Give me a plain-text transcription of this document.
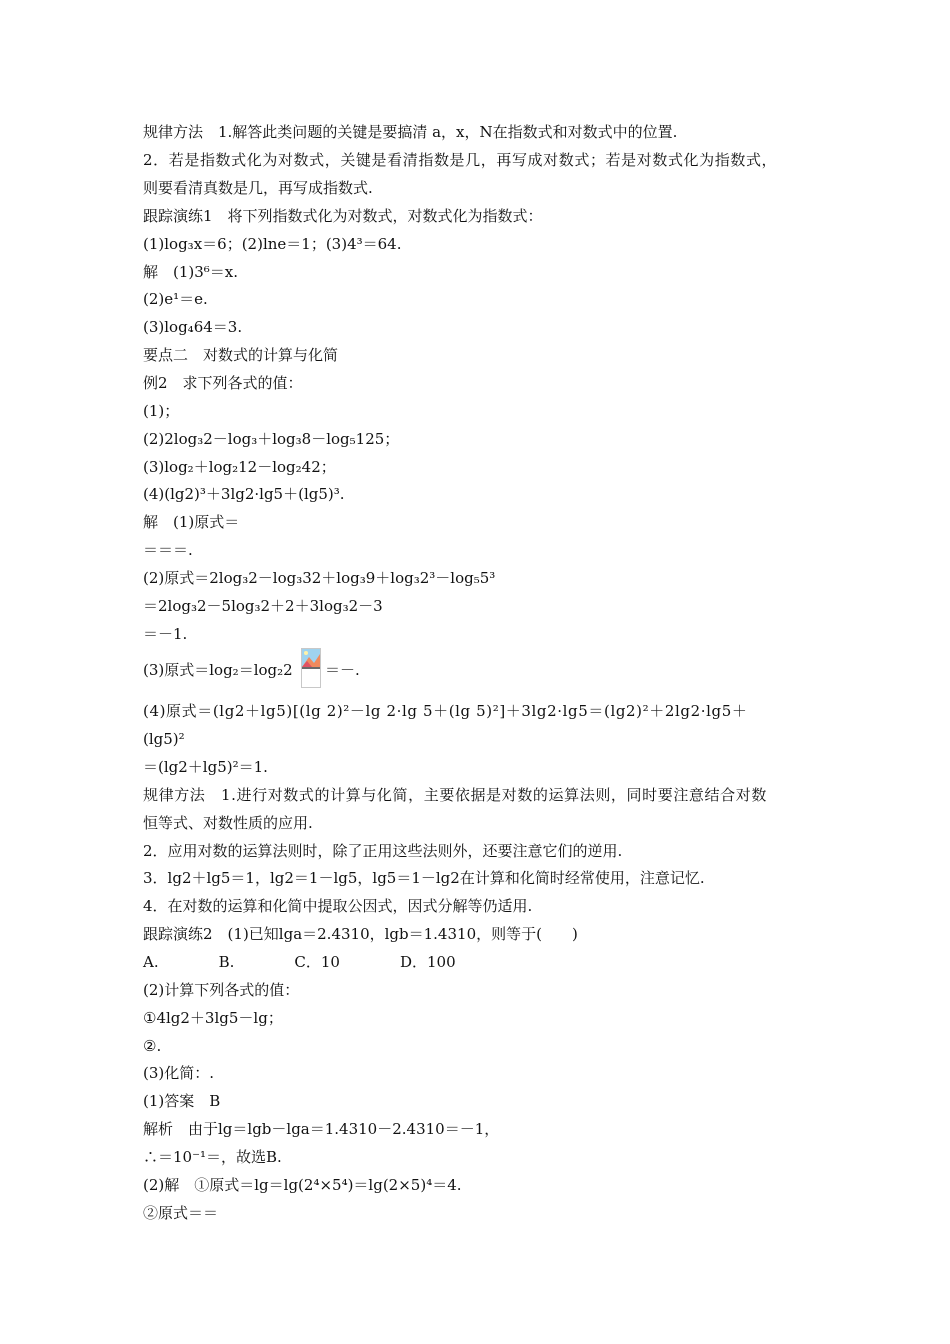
规律方法　1.解答此类问题的关键是要搞清 a，x，N在指数式和对数式中的位置.
2．若是指数式化为对数式，关键是看清指数是几，再写成对数式；若是对数式化为指数式，
则要看清真数是几，再写成指数式.
跟踪演练1　将下列指数式化为对数式，对数式化为指数式：
(1)log₃x＝6；(2)lne＝1；(3)4³＝64.
解　(1)3⁶＝x.
(2)e¹＝e.
(3)log₄64＝3.
要点二　对数式的计算与化简
例2　求下列各式的值：
(1)；
(2)2log₃2－log₃＋log₃8－log₅125；
(3)log₂＋log₂12－log₂42；
(4)(lg2)³＋3lg2·lg5＋(lg5)³.
解　(1)原式＝
＝＝＝.
(2)原式＝2log₃2－log₃32＋log₃9＋log₃2³－log₅5³
＝2log₃2－5log₃2＋2＋3log₃2－3
＝－1.
(3)原式＝log₂＝log₂2 ＝－.
(4)原式＝(lg2＋lg5)[(lg 2)²－lg 2·lg 5＋(lg 5)²]＋3lg2·lg5＝(lg2)²＋2lg2·lg5＋
(lg5)²
＝(lg2＋lg5)²＝1.
规律方法　1.进行对数式的计算与化简，主要依据是对数的运算法则，同时要注意结合对数
恒等式、对数性质的应用.
2．应用对数的运算法则时，除了正用这些法则外，还要注意它们的逆用.
3．lg2＋lg5＝1，lg2＝1－lg5，lg5＝1－lg2在计算和化简时经常使用，注意记忆.
4．在对数的运算和化简中提取公因式，因式分解等仍适用.
跟踪演练2　(1)已知lga＝2.4310，lgb＝1.4310，则等于(　　)
A.　　　　B.　　　　C．10　　　　D．100
(2)计算下列各式的值：
①4lg2＋3lg5－lg；
②.
(3)化简：.
(1)答案　B
解析　由于lg＝lgb－lga＝1.4310－2.4310＝－1，
∴＝10⁻¹＝，故选B.
(2)解　①原式＝lg＝lg(2⁴×5⁴)＝lg(2×5)⁴＝4.
②原式＝＝
